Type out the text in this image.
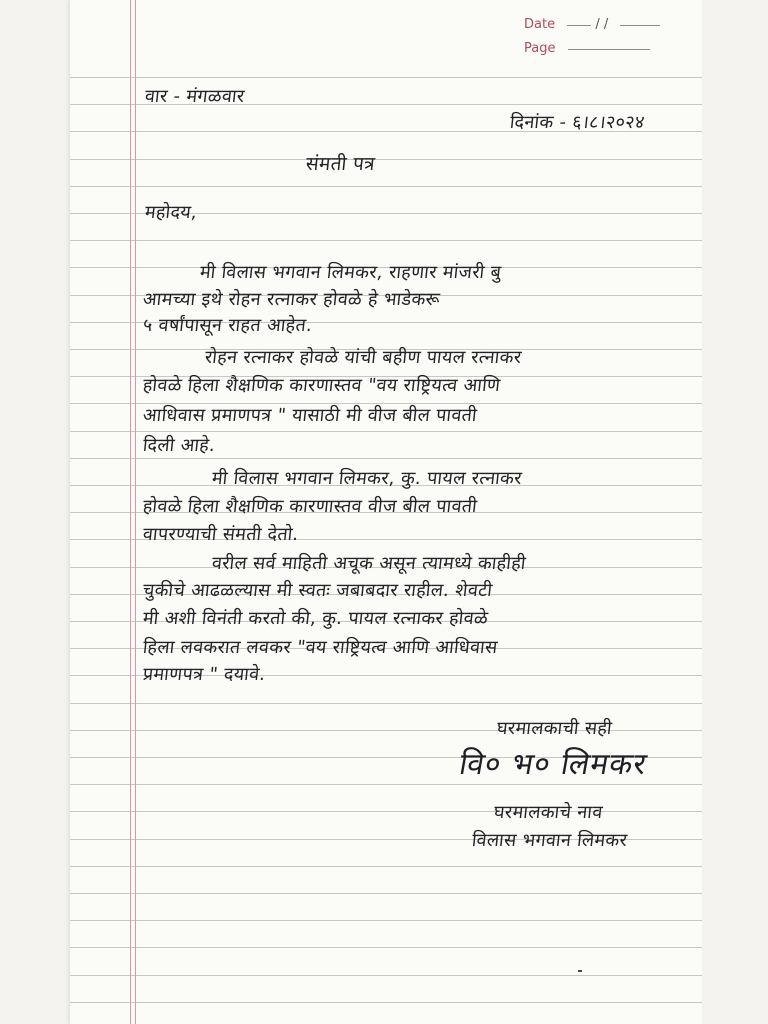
Date	/ /
Page
वार - मंगळवार
दिनांक - ६।८।२०२४
संमती पत्र
महोदय,
मी विलास भगवान लिमकर, राहणार मांजरी बु
आमच्या इथे रोहन रत्नाकर होवळे हे भाडेकरू
५ वर्षांपासून राहत आहेत.
रोहन रत्नाकर होवळे यांची बहीण पायल रत्नाकर
होवळे हिला शैक्षणिक कारणास्तव "वय राष्ट्रियत्व आणि
आधिवास प्रमाणपत्र " यासाठी मी वीज बील पावती
दिली आहे.
मी विलास भगवान लिमकर, कु. पायल रत्नाकर
होवळे हिला शैक्षणिक कारणास्तव वीज बील पावती
वापरण्याची संमती देतो.
वरील सर्व माहिती अचूक असून त्यामध्ये काहीही
चुकीचे आढळल्यास मी स्वतः जबाबदार राहील. शेवटी
मी अशी विनंती करतो की, कु. पायल रत्नाकर होवळे
हिला लवकरात लवकर "वय राष्ट्रियत्व आणि आधिवास
प्रमाणपत्र " दयावे.
घरमालकाची सही
वि० भ० लिमकर
घरमालकाचे नाव
विलास भगवान लिमकर
